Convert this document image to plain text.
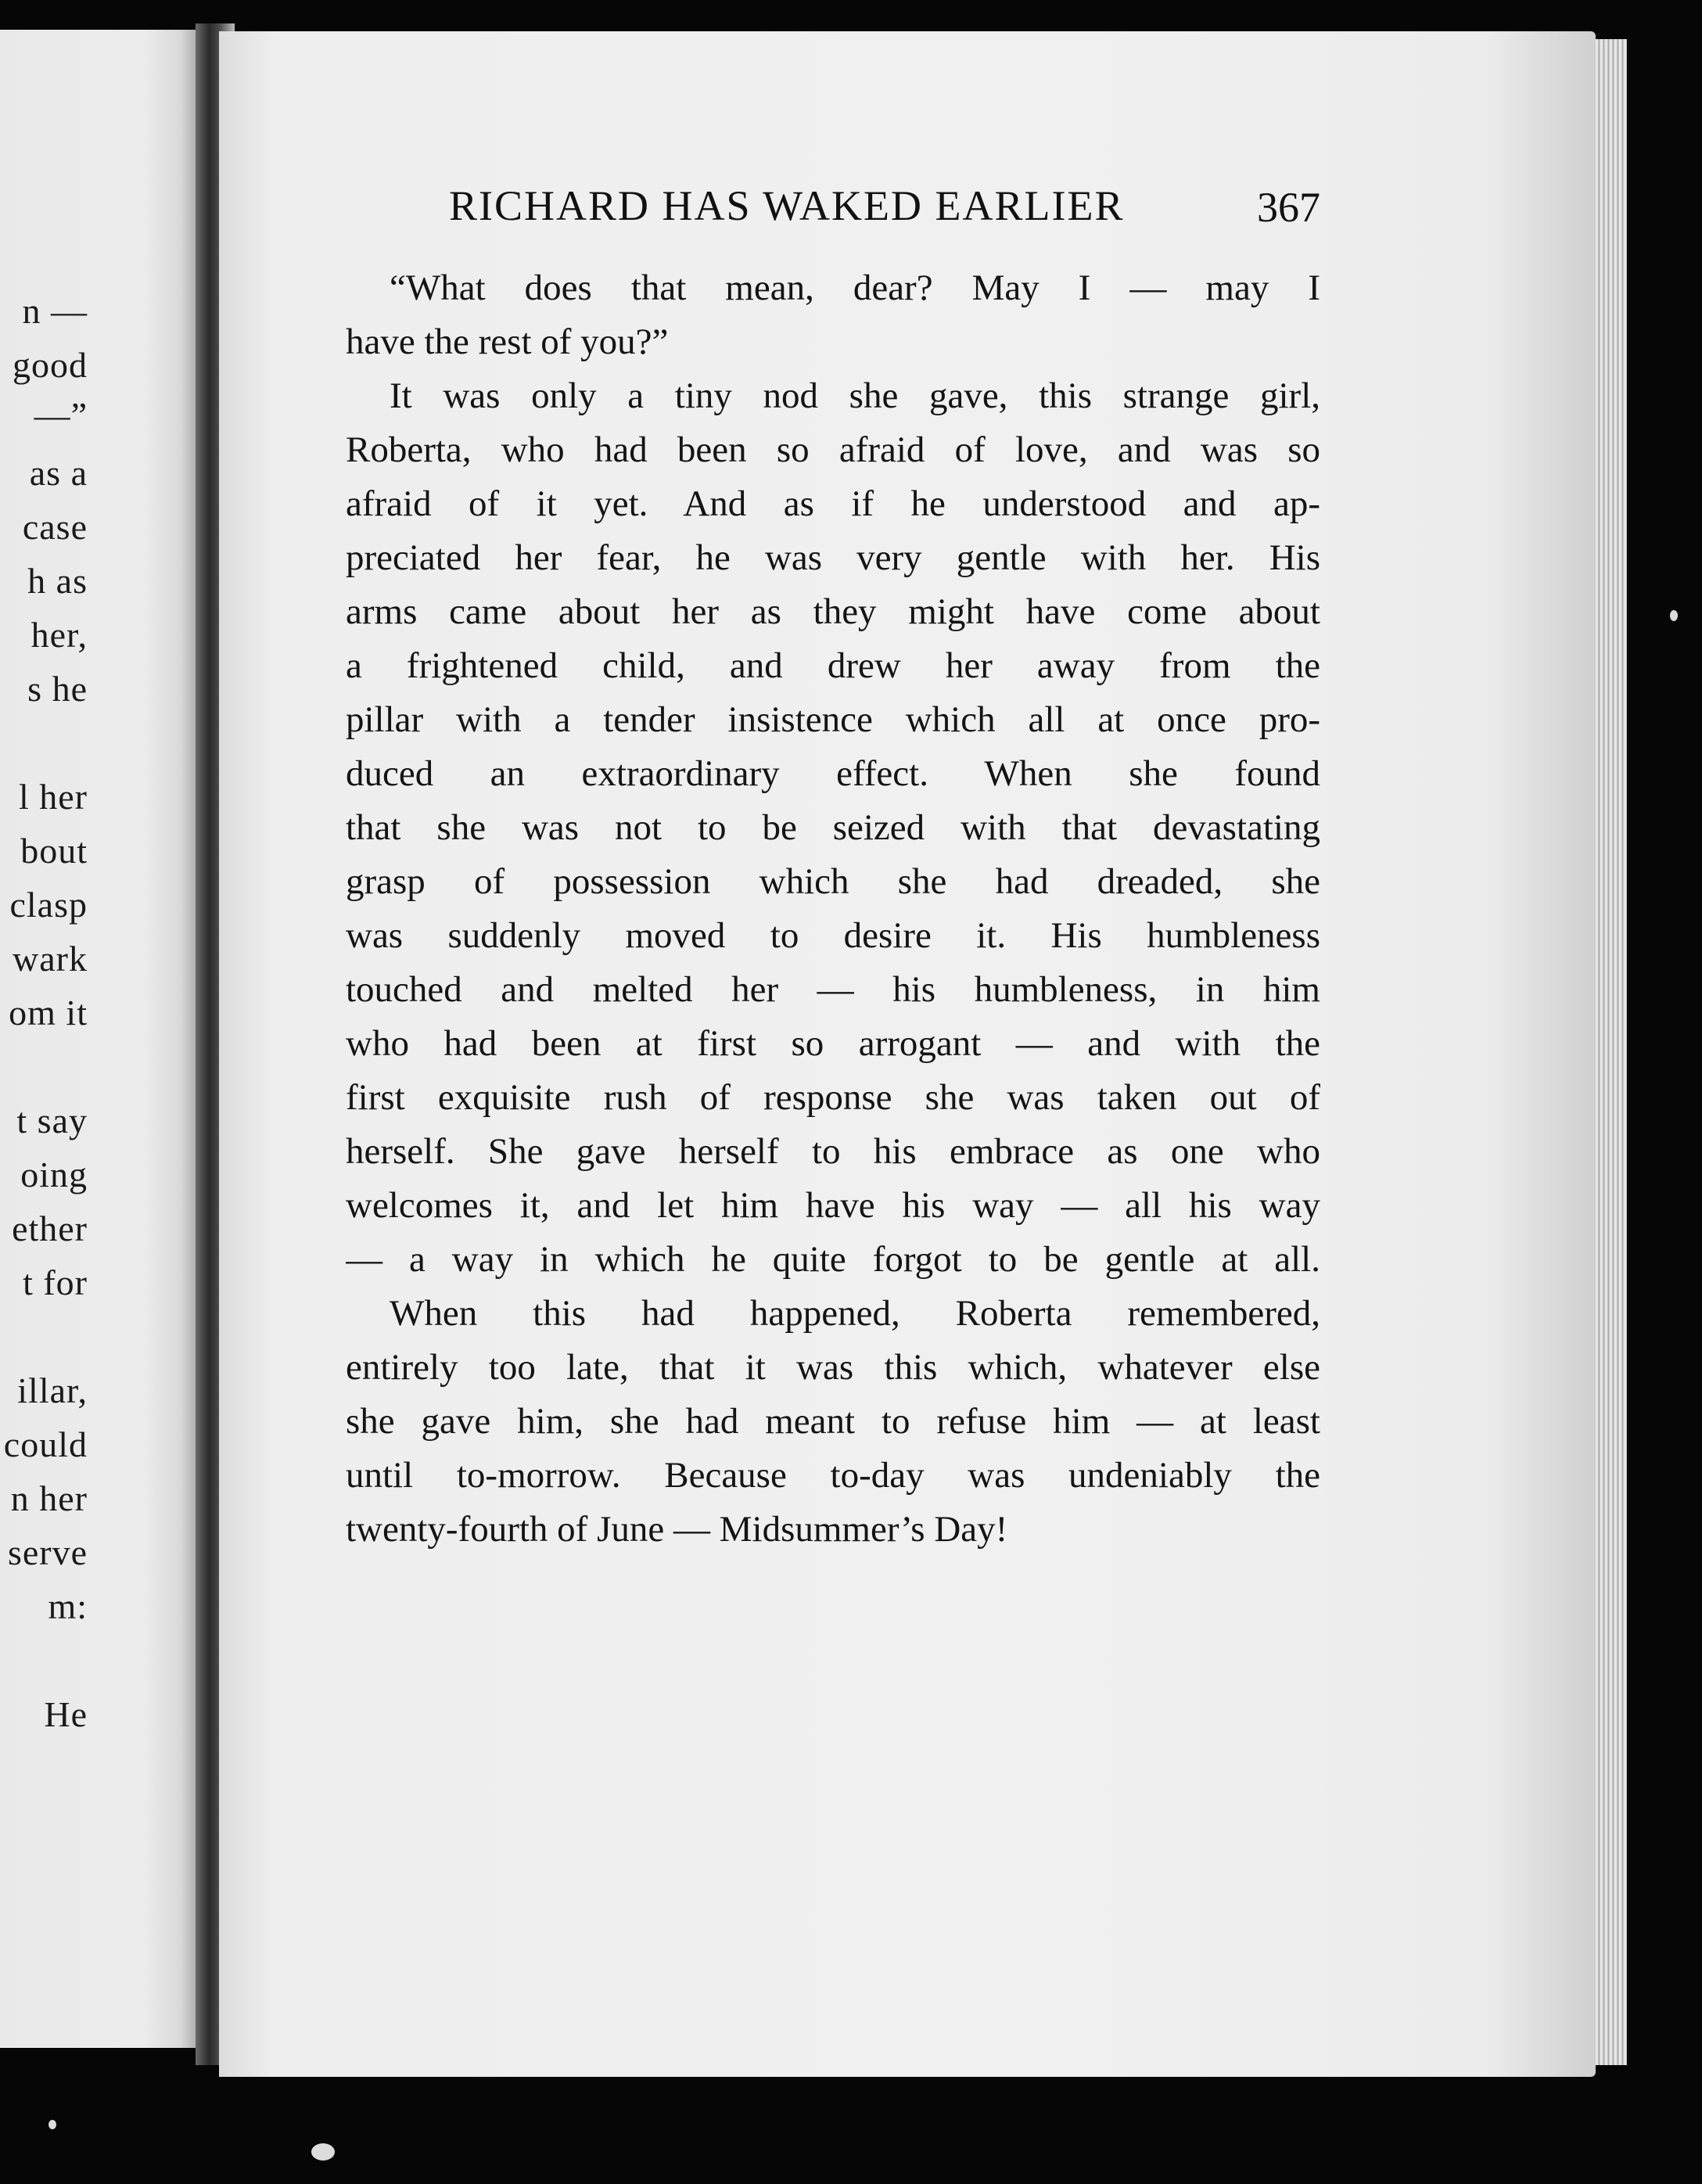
n —

good

—”

as a

case

h as

her,

s he

l her

bout

clasp

wark

om it

t say

oing

ether

t for

illar,

could

n her

serve

m:

He

RICHARD HAS WAKED EARLIER	367

“What does that mean, dear? May I — may I
have the rest of you?”
It was only a tiny nod she gave, this strange girl,
Roberta, who had been so afraid of love, and was so
afraid of it yet. And as if he understood and ap-
preciated her fear, he was very gentle with her. His
arms came about her as they might have come about
a frightened child, and drew her away from the
pillar with a tender insistence which all at once pro-
duced an extraordinary effect. When she found
that she was not to be seized with that devastating
grasp of possession which she had dreaded, she
was suddenly moved to desire it. His humbleness
touched and melted her — his humbleness, in him
who had been at first so arrogant — and with the
first exquisite rush of response she was taken out of
herself. She gave herself to his embrace as one who
welcomes it, and let him have his way — all his way
— a way in which he quite forgot to be gentle at all.
When this had happened, Roberta remembered,
entirely too late, that it was this which, whatever else
she gave him, she had meant to refuse him — at least
until to-morrow. Because to-day was undeniably the
twenty-fourth of June — Midsummer’s Day!
